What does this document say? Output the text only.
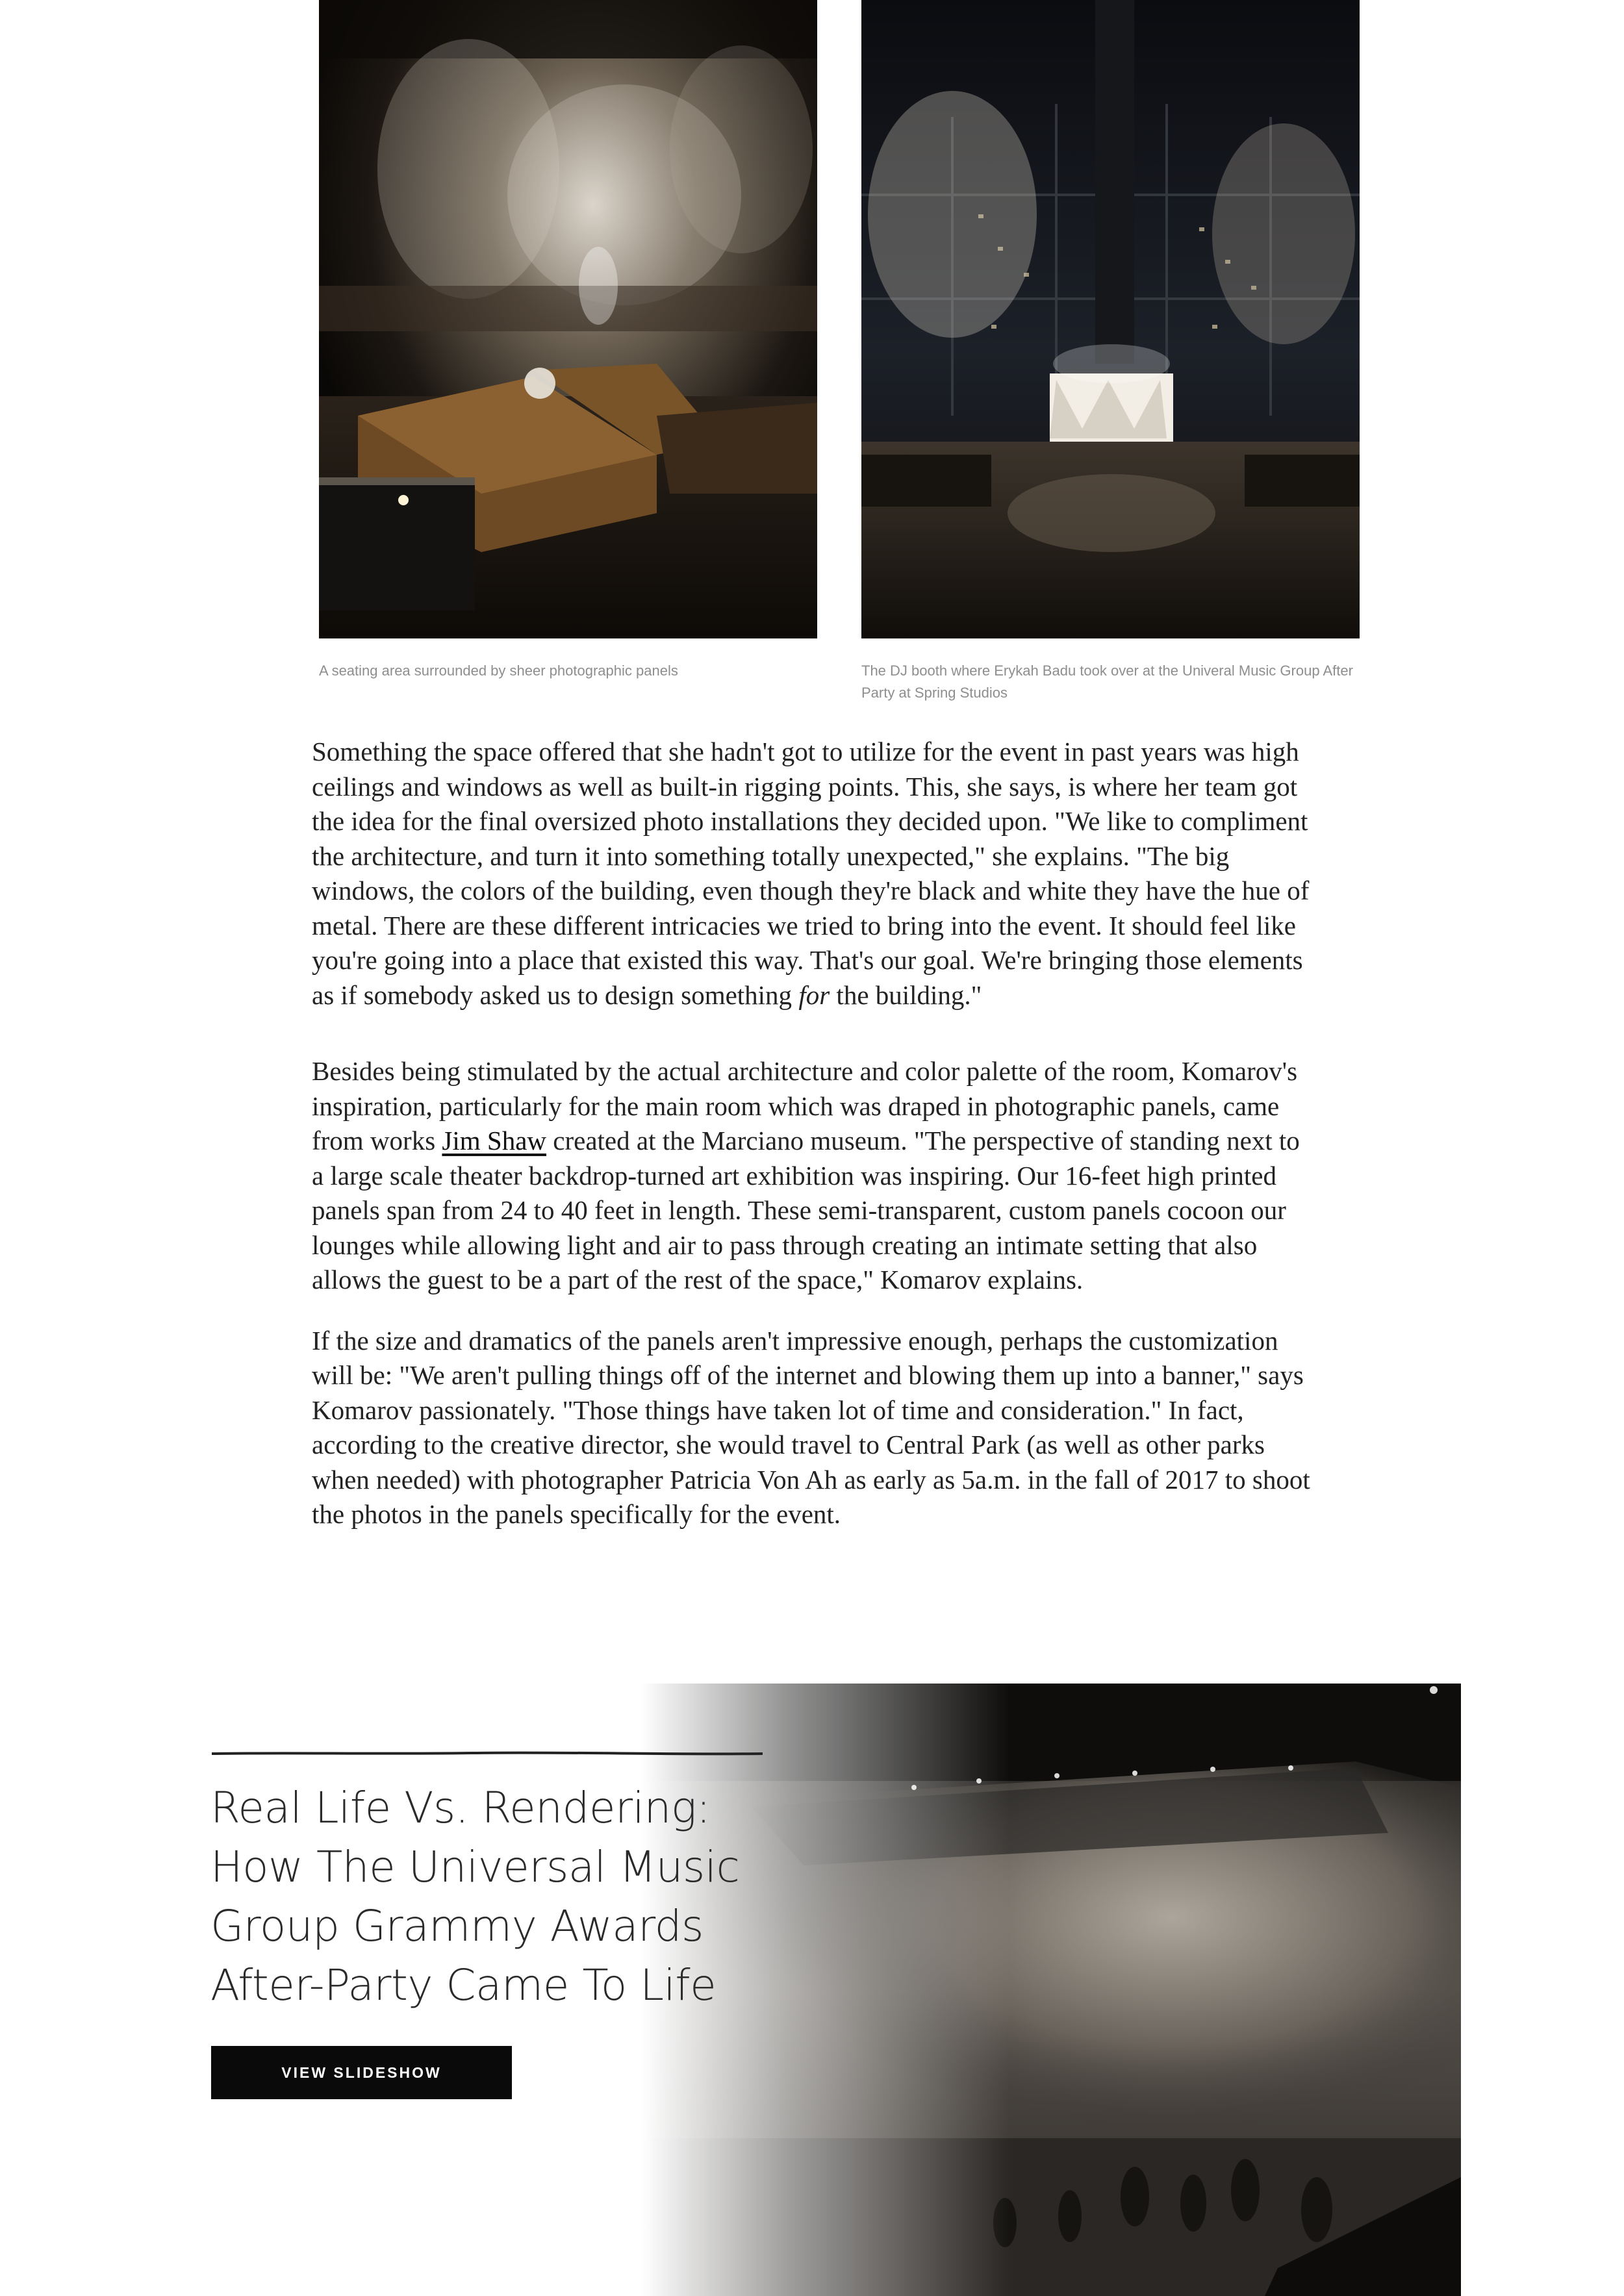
A seating area surrounded by sheer photographic panels	The DJ booth where Erykah Badu took over at the Univeral Music Group After Party at Spring Studios

Something the space offered that she hadn't got to utilize for the event in past years was high ceilings and windows as well as built-in rigging points. This, she says, is where her team got the idea for the final oversized photo installations they decided upon. "We like to compliment the architecture, and turn it into something totally unexpected," she explains. "The big windows, the colors of the building, even though they're black and white they have the hue of metal. There are these different intricacies we tried to bring into the event. It should feel like you're going into a place that existed this way. That's our goal. We're bringing those elements as if somebody asked us to design something for the building."

Besides being stimulated by the actual architecture and color palette of the room, Komarov's inspiration, particularly for the main room which was draped in photographic panels, came from works Jim Shaw created at the Marciano museum. "The perspective of standing next to a large scale theater backdrop-turned art exhibition was inspiring. Our 16-feet high printed panels span from 24 to 40 feet in length. These semi-transparent, custom panels cocoon our lounges while allowing light and air to pass through creating an intimate setting that also allows the guest to be a part of the rest of the space," Komarov explains.

If the size and dramatics of the panels aren't impressive enough, perhaps the customization will be: "We aren't pulling things off of the internet and blowing them up into a banner," says Komarov passionately. "Those things have taken lot of time and consideration." In fact, according to the creative director, she would travel to Central Park (as well as other parks when needed) with photographer Patricia Von Ah as early as 5a.m. in the fall of 2017 to shoot the photos in the panels specifically for the event.

Real Life Vs. Rendering: How The Universal Music Group Grammy Awards After-Party Came To Life
VIEW SLIDESHOW
